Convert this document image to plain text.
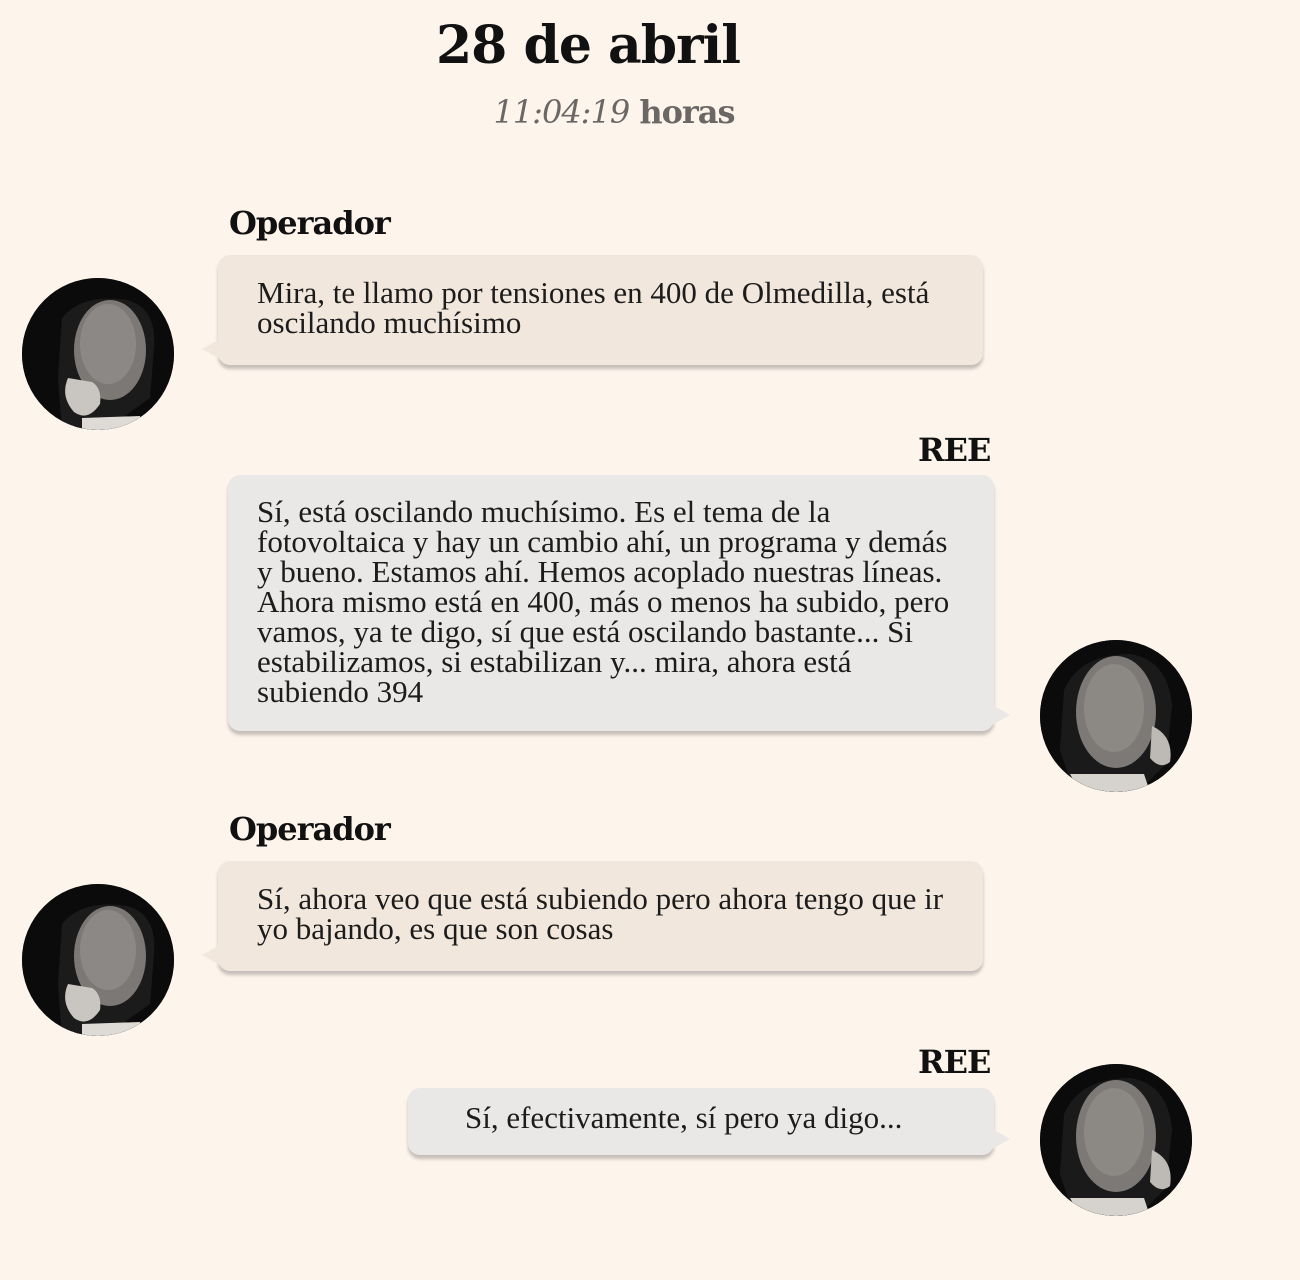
28 de abril
11:04:19 horas
Operador
Mira, te llamo por tensiones en 400 de Olmedilla, está oscilando muchísimo
REE
Sí, está oscilando muchísimo. Es el tema de la fotovoltaica y hay un cambio ahí, un programa y demás y bueno. Estamos ahí. Hemos acoplado nuestras líneas. Ahora mismo está en 400, más o menos ha subido, pero vamos, ya te digo, sí que está oscilando bastante... Si estabilizamos, si estabilizan y... mira, ahora está subiendo 394
Operador
Sí, ahora veo que está subiendo pero ahora tengo que ir yo bajando, es que son cosas
REE
Sí, efectivamente, sí pero ya digo...
